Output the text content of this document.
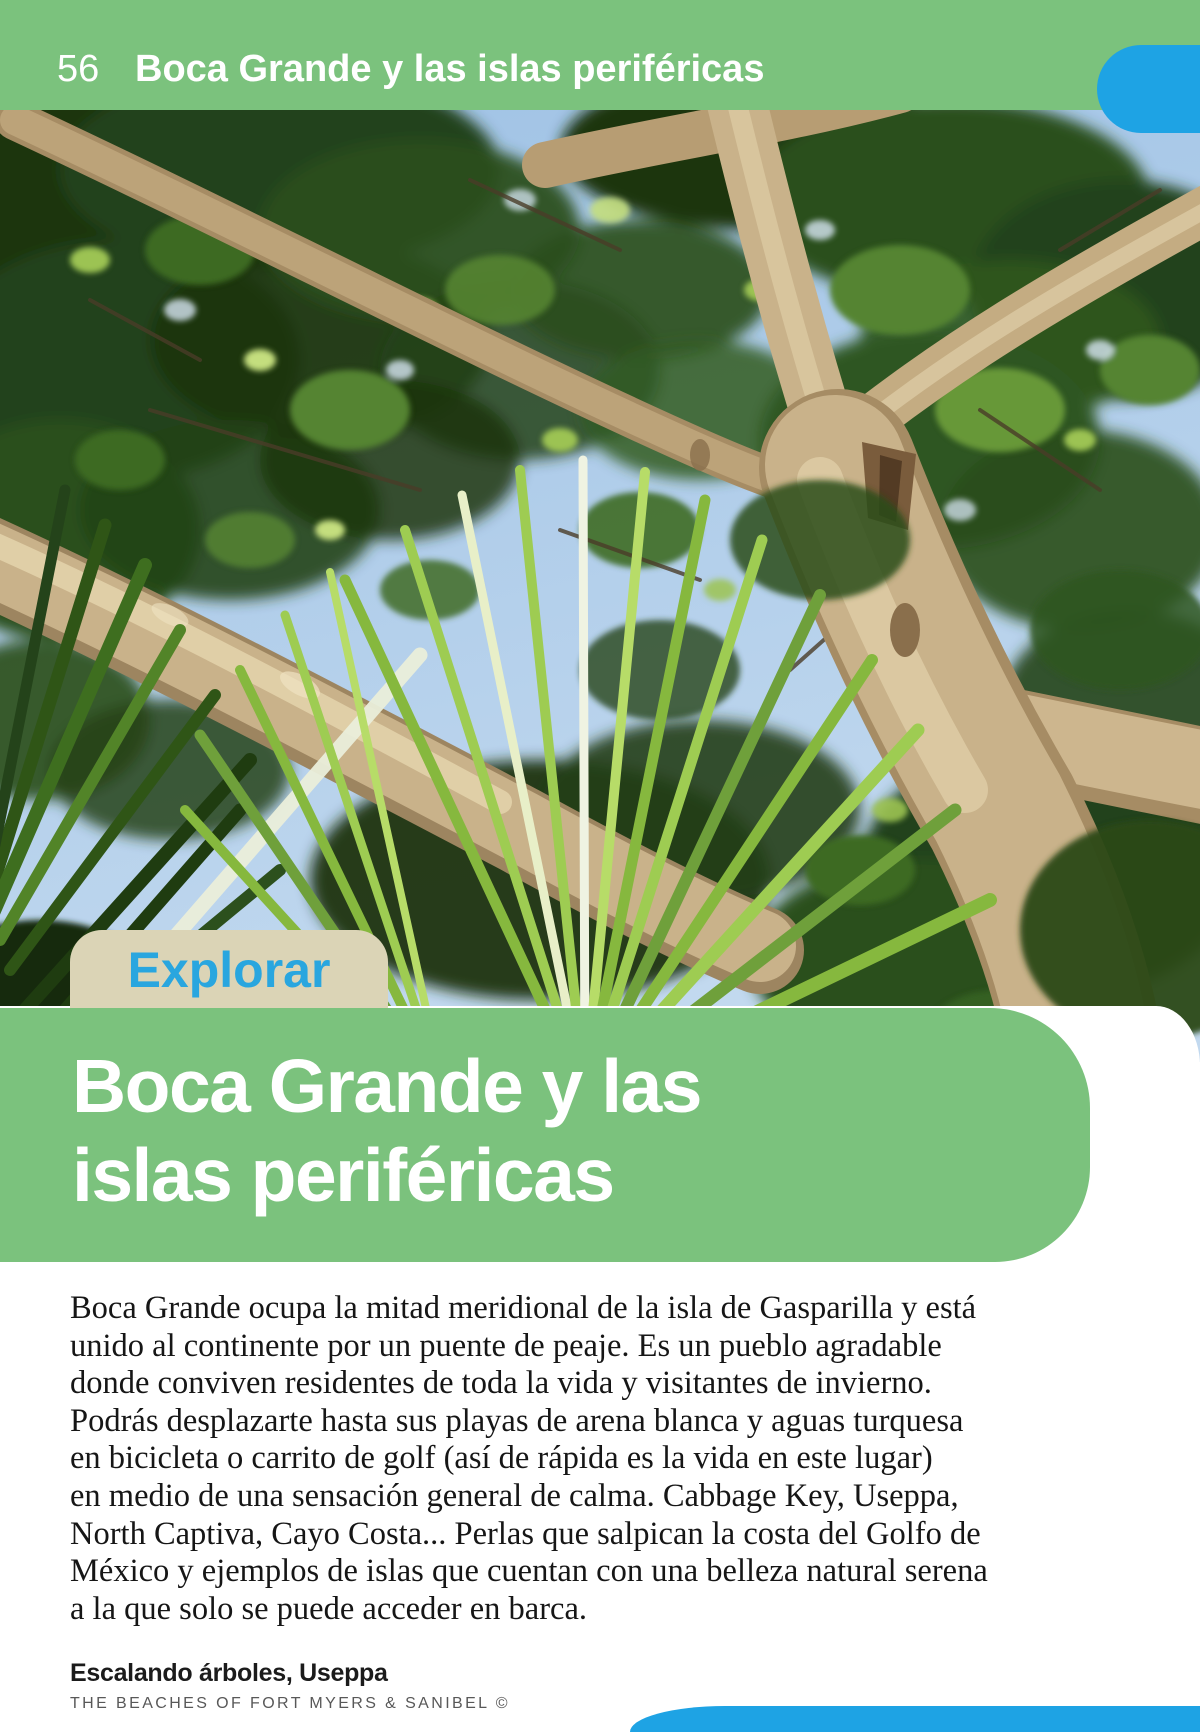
56 Boca Grande y las islas periféricas
Explorar
Boca Grande y las
islas periféricas
Boca Grande ocupa la mitad meridional de la isla de Gasparilla y está
unido al continente por un puente de peaje. Es un pueblo agradable
donde conviven residentes de toda la vida y visitantes de invierno.
Podrás desplazarte hasta sus playas de arena blanca y aguas turquesa
en bicicleta o carrito de golf (así de rápida es la vida en este lugar)
en medio de una sensación general de calma. Cabbage Key, Useppa,
North Captiva, Cayo Costa... Perlas que salpican la costa del Golfo de
México y ejemplos de islas que cuentan con una belleza natural serena
a la que solo se puede acceder en barca.
Escalando árboles, Useppa
THE BEACHES OF FORT MYERS & SANIBEL ©
